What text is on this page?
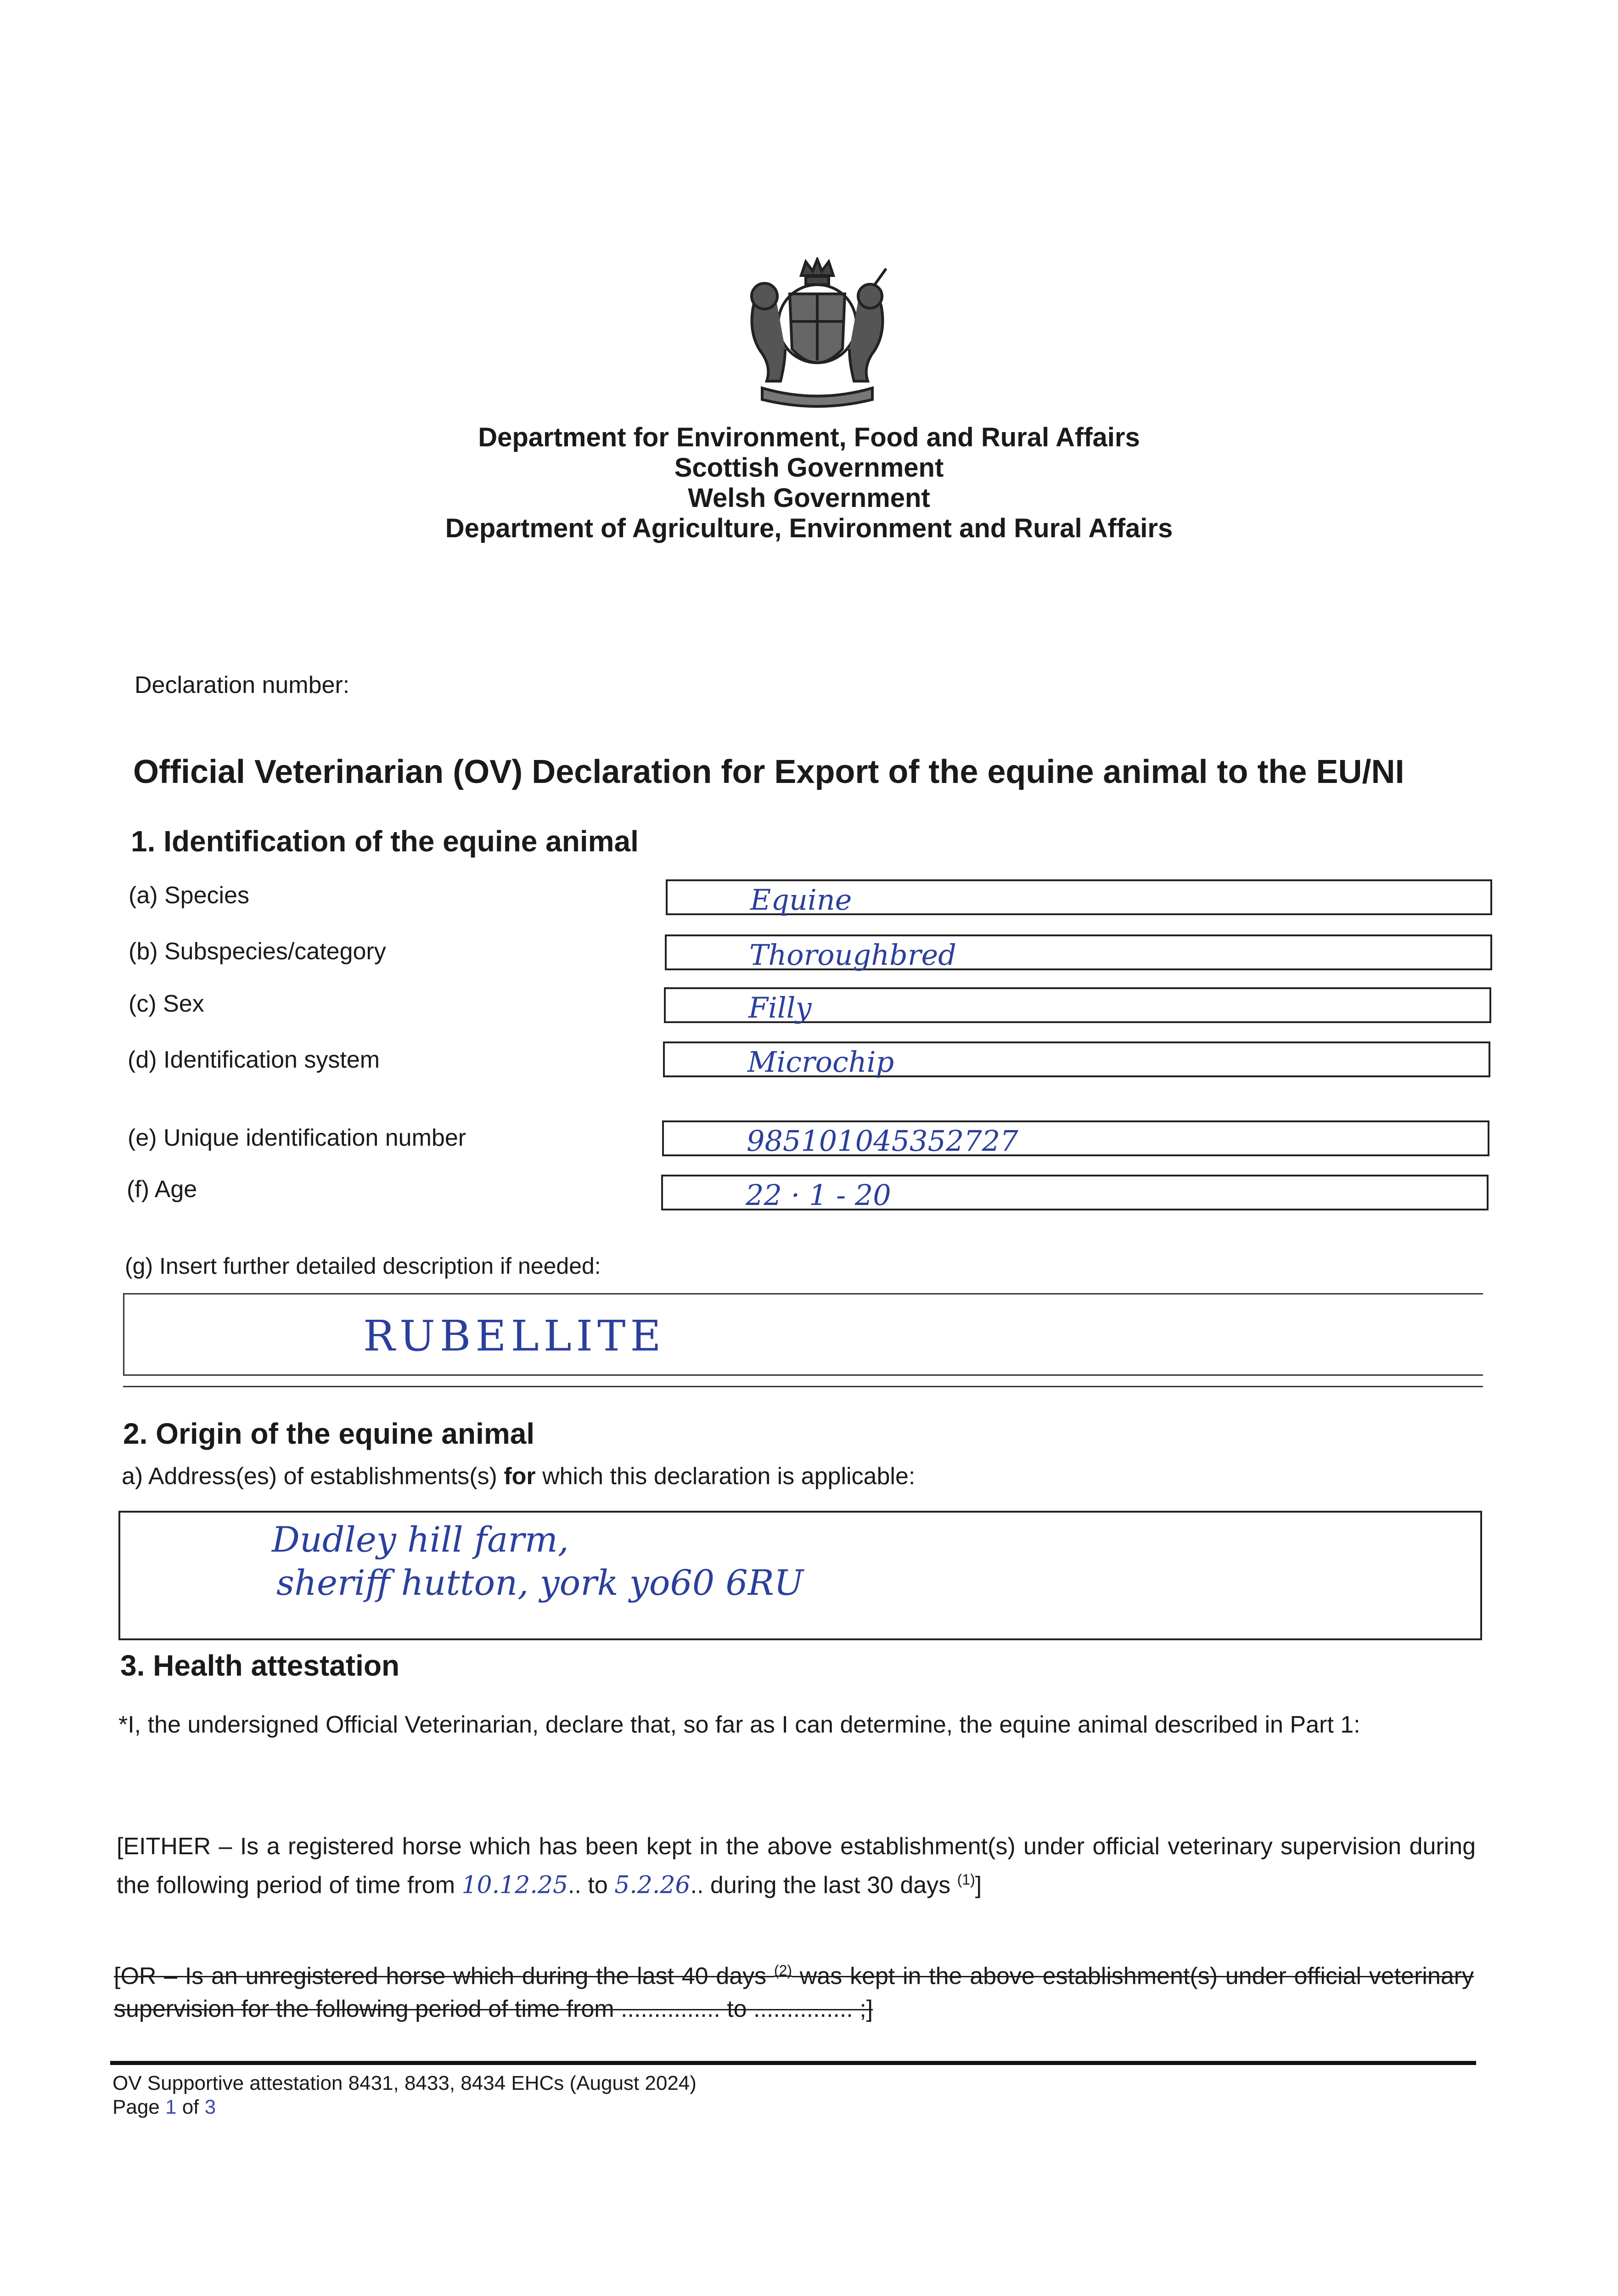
Department for Environment, Food and Rural Affairs
Scottish Government
Welsh Government
Department of Agriculture, Environment and Rural Affairs
Declaration number:
Official Veterinarian (OV) Declaration for Export of the equine animal to the EU/NI
1. Identification of the equine animal
(a) Species	Equine
(b) Subspecies/category	Thoroughbred
(c) Sex	Filly
(d) Identification system	Microchip
(e) Unique identification number	985101045352727
(f) Age	22 · 1 - 20
(g) Insert further detailed description if needed:
RUBELLITE
2. Origin of the equine animal
a) Address(es) of establishments(s) for which this declaration is applicable:
Dudley hill farm,
sheriff hutton, york yo60 6RU
3. Health attestation
*I, the undersigned Official Veterinarian, declare that, so far as I can determine, the equine animal described in Part 1:
[EITHER – Is a registered horse which has been kept in the above establishment(s) under official veterinary supervision during the following period of time from 10.12.25.. to 5.2.26.. during the last 30 days $^{(1)}$]
[OR – Is an unregistered horse which during the last 40 days $^{(2)}$ was kept in the above establishment(s) under official veterinary supervision for the following period of time from ............... to ............... ;]
OV Supportive attestation 8431, 8433, 8434 EHCs (August 2024)
Page 1 of 3
